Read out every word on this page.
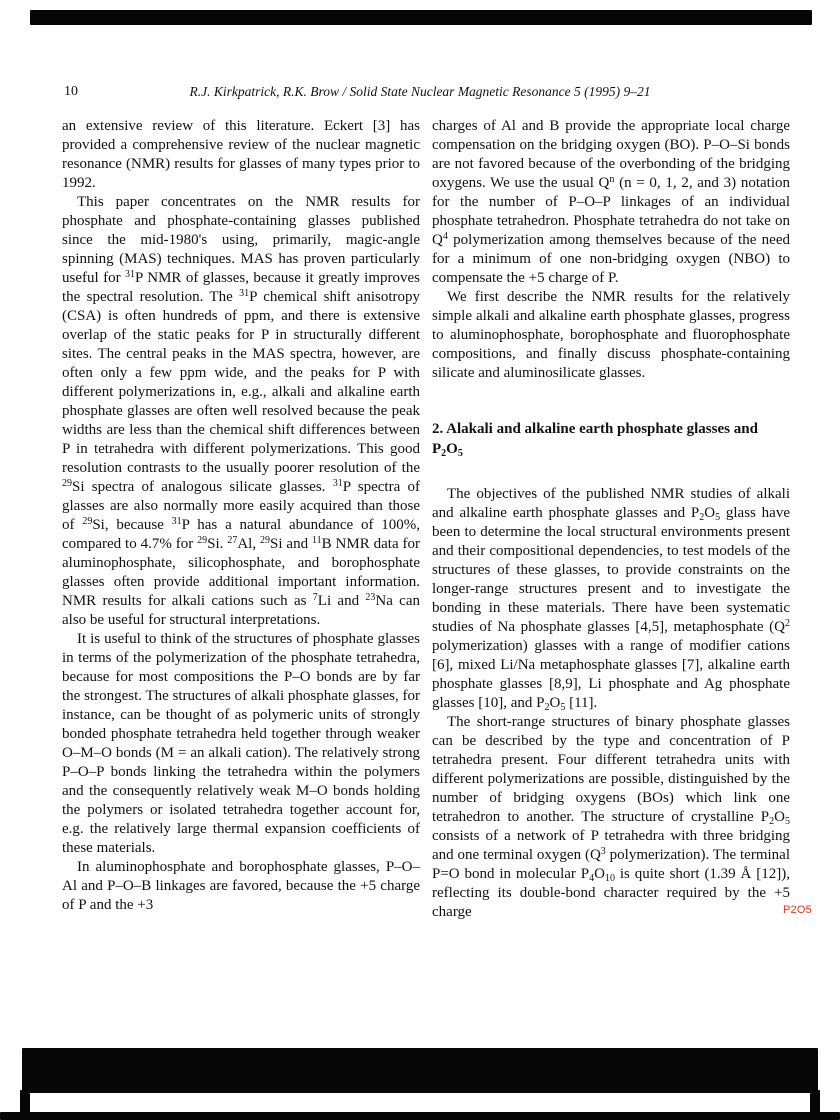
10	R.J. Kirkpatrick, R.K. Brow / Solid State Nuclear Magnetic Resonance 5 (1995) 9–21

an extensive review of this literature. Eckert [3] has provided a comprehensive review of the nuclear magnetic resonance (NMR) results for glasses of many types prior to 1992.

This paper concentrates on the NMR results for phosphate and phosphate-containing glasses published since the mid-1980's using, primarily, magic-angle spinning (MAS) techniques. MAS has proven particularly useful for $^{31}$P NMR of glasses, because it greatly improves the spectral resolution. The $^{31}$P chemical shift anisotropy (CSA) is often hundreds of ppm, and there is extensive overlap of the static peaks for P in structurally different sites. The central peaks in the MAS spectra, however, are often only a few ppm wide, and the peaks for P with different polymerizations in, e.g., alkali and alkaline earth phosphate glasses are often well resolved because the peak widths are less than the chemical shift differences between P in tetrahedra with different polymerizations. This good resolution contrasts to the usually poorer resolution of the $^{29}$Si spectra of analogous silicate glasses. $^{31}$P spectra of glasses are also normally more easily acquired than those of $^{29}$Si, because $^{31}$P has a natural abundance of 100%, compared to 4.7% for $^{29}$Si. $^{27}$Al, $^{29}$Si and $^{11}$B NMR data for aluminophosphate, silicophosphate, and borophosphate glasses often provide additional important information. NMR results for alkali cations such as $^7$Li and $^{23}$Na can also be useful for structural interpretations.

It is useful to think of the structures of phosphate glasses in terms of the polymerization of the phosphate tetrahedra, because for most compositions the P–O bonds are by far the strongest. The structures of alkali phosphate glasses, for instance, can be thought of as polymeric units of strongly bonded phosphate tetrahedra held together through weaker O–M–O bonds (M = an alkali cation). The relatively strong P–O–P bonds linking the tetrahedra within the polymers and the consequently relatively weak M–O bonds holding the polymers or isolated tetrahedra together account for, e.g. the relatively large thermal expansion coefficients of these materials.

In aluminophosphate and borophosphate glasses, P–O–Al and P–O–B linkages are favored, because the +5 charge of P and the +3

charges of Al and B provide the appropriate local charge compensation on the bridging oxygen (BO). P–O–Si bonds are not favored because of the overbonding of the bridging oxygens. We use the usual $Q^n$ (n = 0, 1, 2, and 3) notation for the number of P–O–P linkages of an individual phosphate tetrahedron. Phosphate tetrahedra do not take on $Q^4$ polymerization among themselves because of the need for a minimum of one non-bridging oxygen (NBO) to compensate the +5 charge of P.

We first describe the NMR results for the relatively simple alkali and alkaline earth phosphate glasses, progress to aluminophosphate, borophosphate and fluorophosphate compositions, and finally discuss phosphate-containing silicate and aluminosilicate glasses.

2. Alakali and alkaline earth phosphate glasses and $P_2O_5$

The objectives of the published NMR studies of alkali and alkaline earth phosphate glasses and $P_2O_5$ glass have been to determine the local structural environments present and their compositional dependencies, to test models of the structures of these glasses, to provide constraints on the longer-range structures present and to investigate the bonding in these materials. There have been systematic studies of Na phosphate glasses [4,5], metaphosphate ($Q^2$ polymerization) glasses with a range of modifier cations [6], mixed Li/Na metaphosphate glasses [7], alkaline earth phosphate glasses [8,9], Li phosphate and Ag phosphate glasses [10], and $P_2O_5$ [11].

The short-range structures of binary phosphate glasses can be described by the type and concentration of P tetrahedra present. Four different tetrahedra units with different polymerizations are possible, distinguished by the number of bridging oxygens (BOs) which link one tetrahedron to another. The structure of crystalline $P_2O_5$ consists of a network of P tetrahedra with three bridging and one terminal oxygen ($Q^3$ polymerization). The terminal P=O bond in molecular $P_4O_{10}$ is quite short (1.39 Å [12]), reflecting its double-bond character required by the +5 charge	P2O5
